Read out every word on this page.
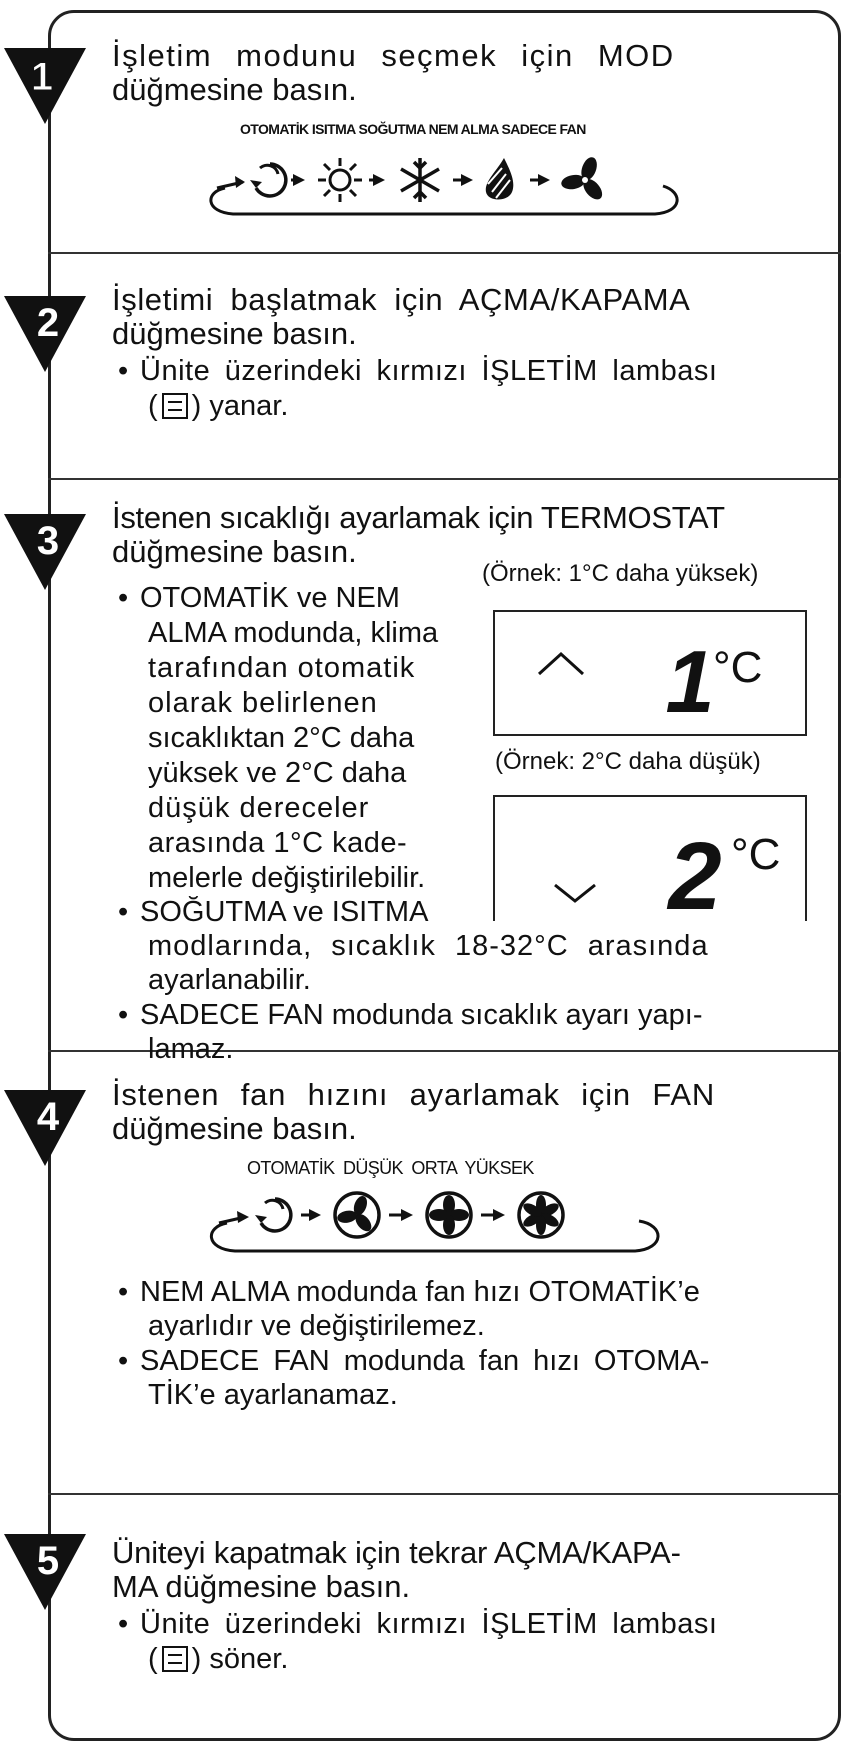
1
2
3
4
5

İşletim modunu seçmek için MOD

düğmesine basın.

OTOMATİK ISITMA SOĞUTMA NEM ALMA SADECE FAN

İşletimi başlatmak için AÇMA/KAPAMA

düğmesine basın.

• Ünite üzerindeki kırmızı İŞLETİM lambası
( ) yanar.

İstenen sıcaklığı ayarlamak için TERMOSTAT

düğmesine basın.

(Örnek: 1°C daha yüksek)
• OTOMATİK ve NEM
ALMA modunda, klima
tarafından otomatik
olarak belirlenen
sıcaklıktan 2°C daha
yüksek ve 2°C daha
düşük dereceler
arasında 1°C kade-
melerle değiştirilebilir.
1
°C
(Örnek: 2°C daha düşük)
2 °C
• SOĞUTMA ve ISITMA
modlarında, sıcaklık 18-32°C arasında
ayarlanabilir.
• SADECE FAN modunda sıcaklık ayarı yapı-
lamaz.

İstenen fan hızını ayarlamak için FAN

düğmesine basın.

OTOMATİK DÜŞÜK ORTA YÜKSEK
• NEM ALMA modunda fan hızı OTOMATİK’e
ayarlıdır ve değiştirilemez.
• SADECE FAN modunda fan hızı OTOMA-
TİK’e ayarlanamaz.

Üniteyi kapatmak için tekrar AÇMA/KAPA-

MA düğmesine basın.

• Ünite üzerindeki kırmızı İŞLETİM lambası
( ) söner.
